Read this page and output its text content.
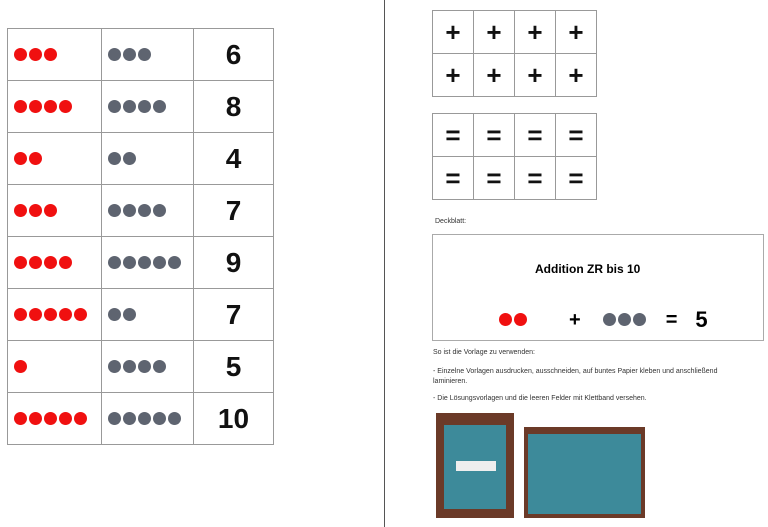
		6
		8
		4
		7
		9
		7
		5
		10
+	+	+	+
+	+	+	+
=	=	=	=
=	=	=	=
Deckblatt:
Addition ZR bis 10
+	= 5
So ist die Vorlage zu verwenden:
- Einzelne Vorlagen ausdrucken, ausschneiden, auf buntes Papier kleben und anschließend laminieren.
- Die Lösungsvorlagen und die leeren Felder mit Klettband versehen.
